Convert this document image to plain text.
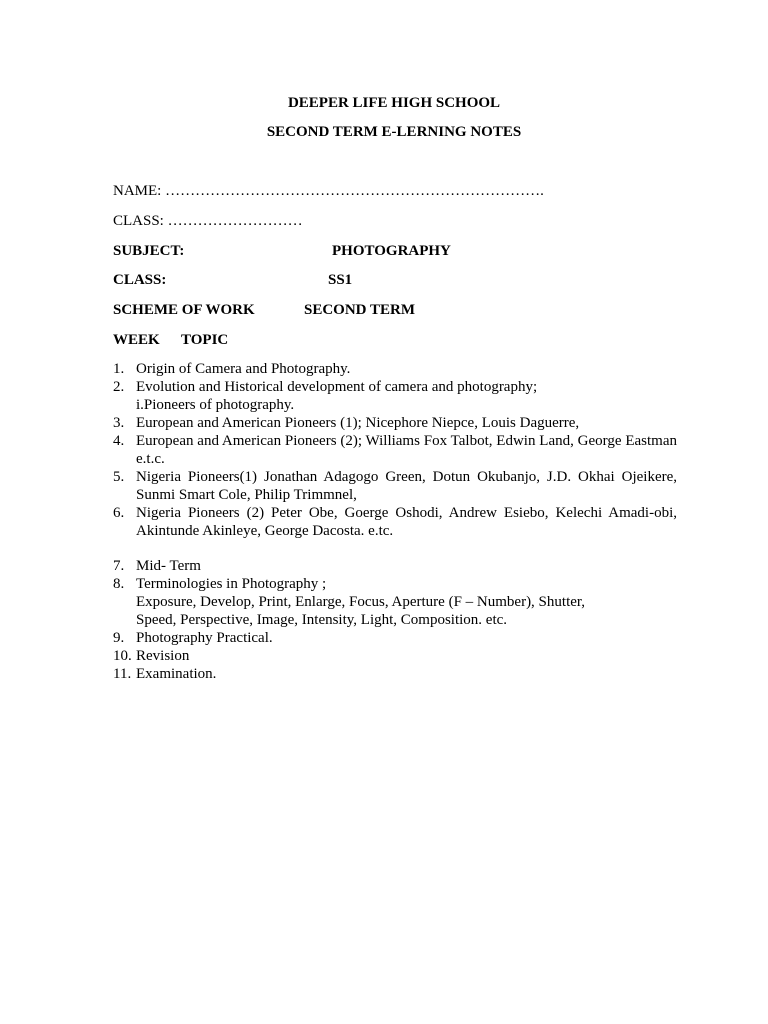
DEEPER LIFE HIGH SCHOOL

SECOND TERM E-LERNING NOTES

NAME: ………………………………………………………………….

CLASS: ………………………

SUBJECT:	PHOTOGRAPHY
CLASS:	SS1
SCHEME OF WORK	SECOND TERM
WEEK TOPIC
1. Origin of Camera and Photography.
2. Evolution and Historical development of camera and photography;
i.Pioneers of photography.
3. European and American Pioneers (1); Nicephore Niepce, Louis Daguerre,
4. European and American Pioneers (2); Williams Fox Talbot, Edwin Land, George Eastman e.t.c.
5. Nigeria Pioneers(1) Jonathan Adagogo Green, Dotun Okubanjo, J.D. Okhai Ojeikere, Sunmi Smart Cole, Philip Trimmnel,
6. Nigeria Pioneers (2) Peter Obe, Goerge Oshodi, Andrew Esiebo, Kelechi Amadi-obi, Akintunde Akinleye, George Dacosta. e.tc.
7. Mid- Term
8. Terminologies in Photography ;
Exposure, Develop, Print, Enlarge, Focus, Aperture (F – Number), Shutter,
Speed, Perspective, Image, Intensity, Light, Composition. etc.
9. Photography Practical.
10. Revision
11. Examination.
